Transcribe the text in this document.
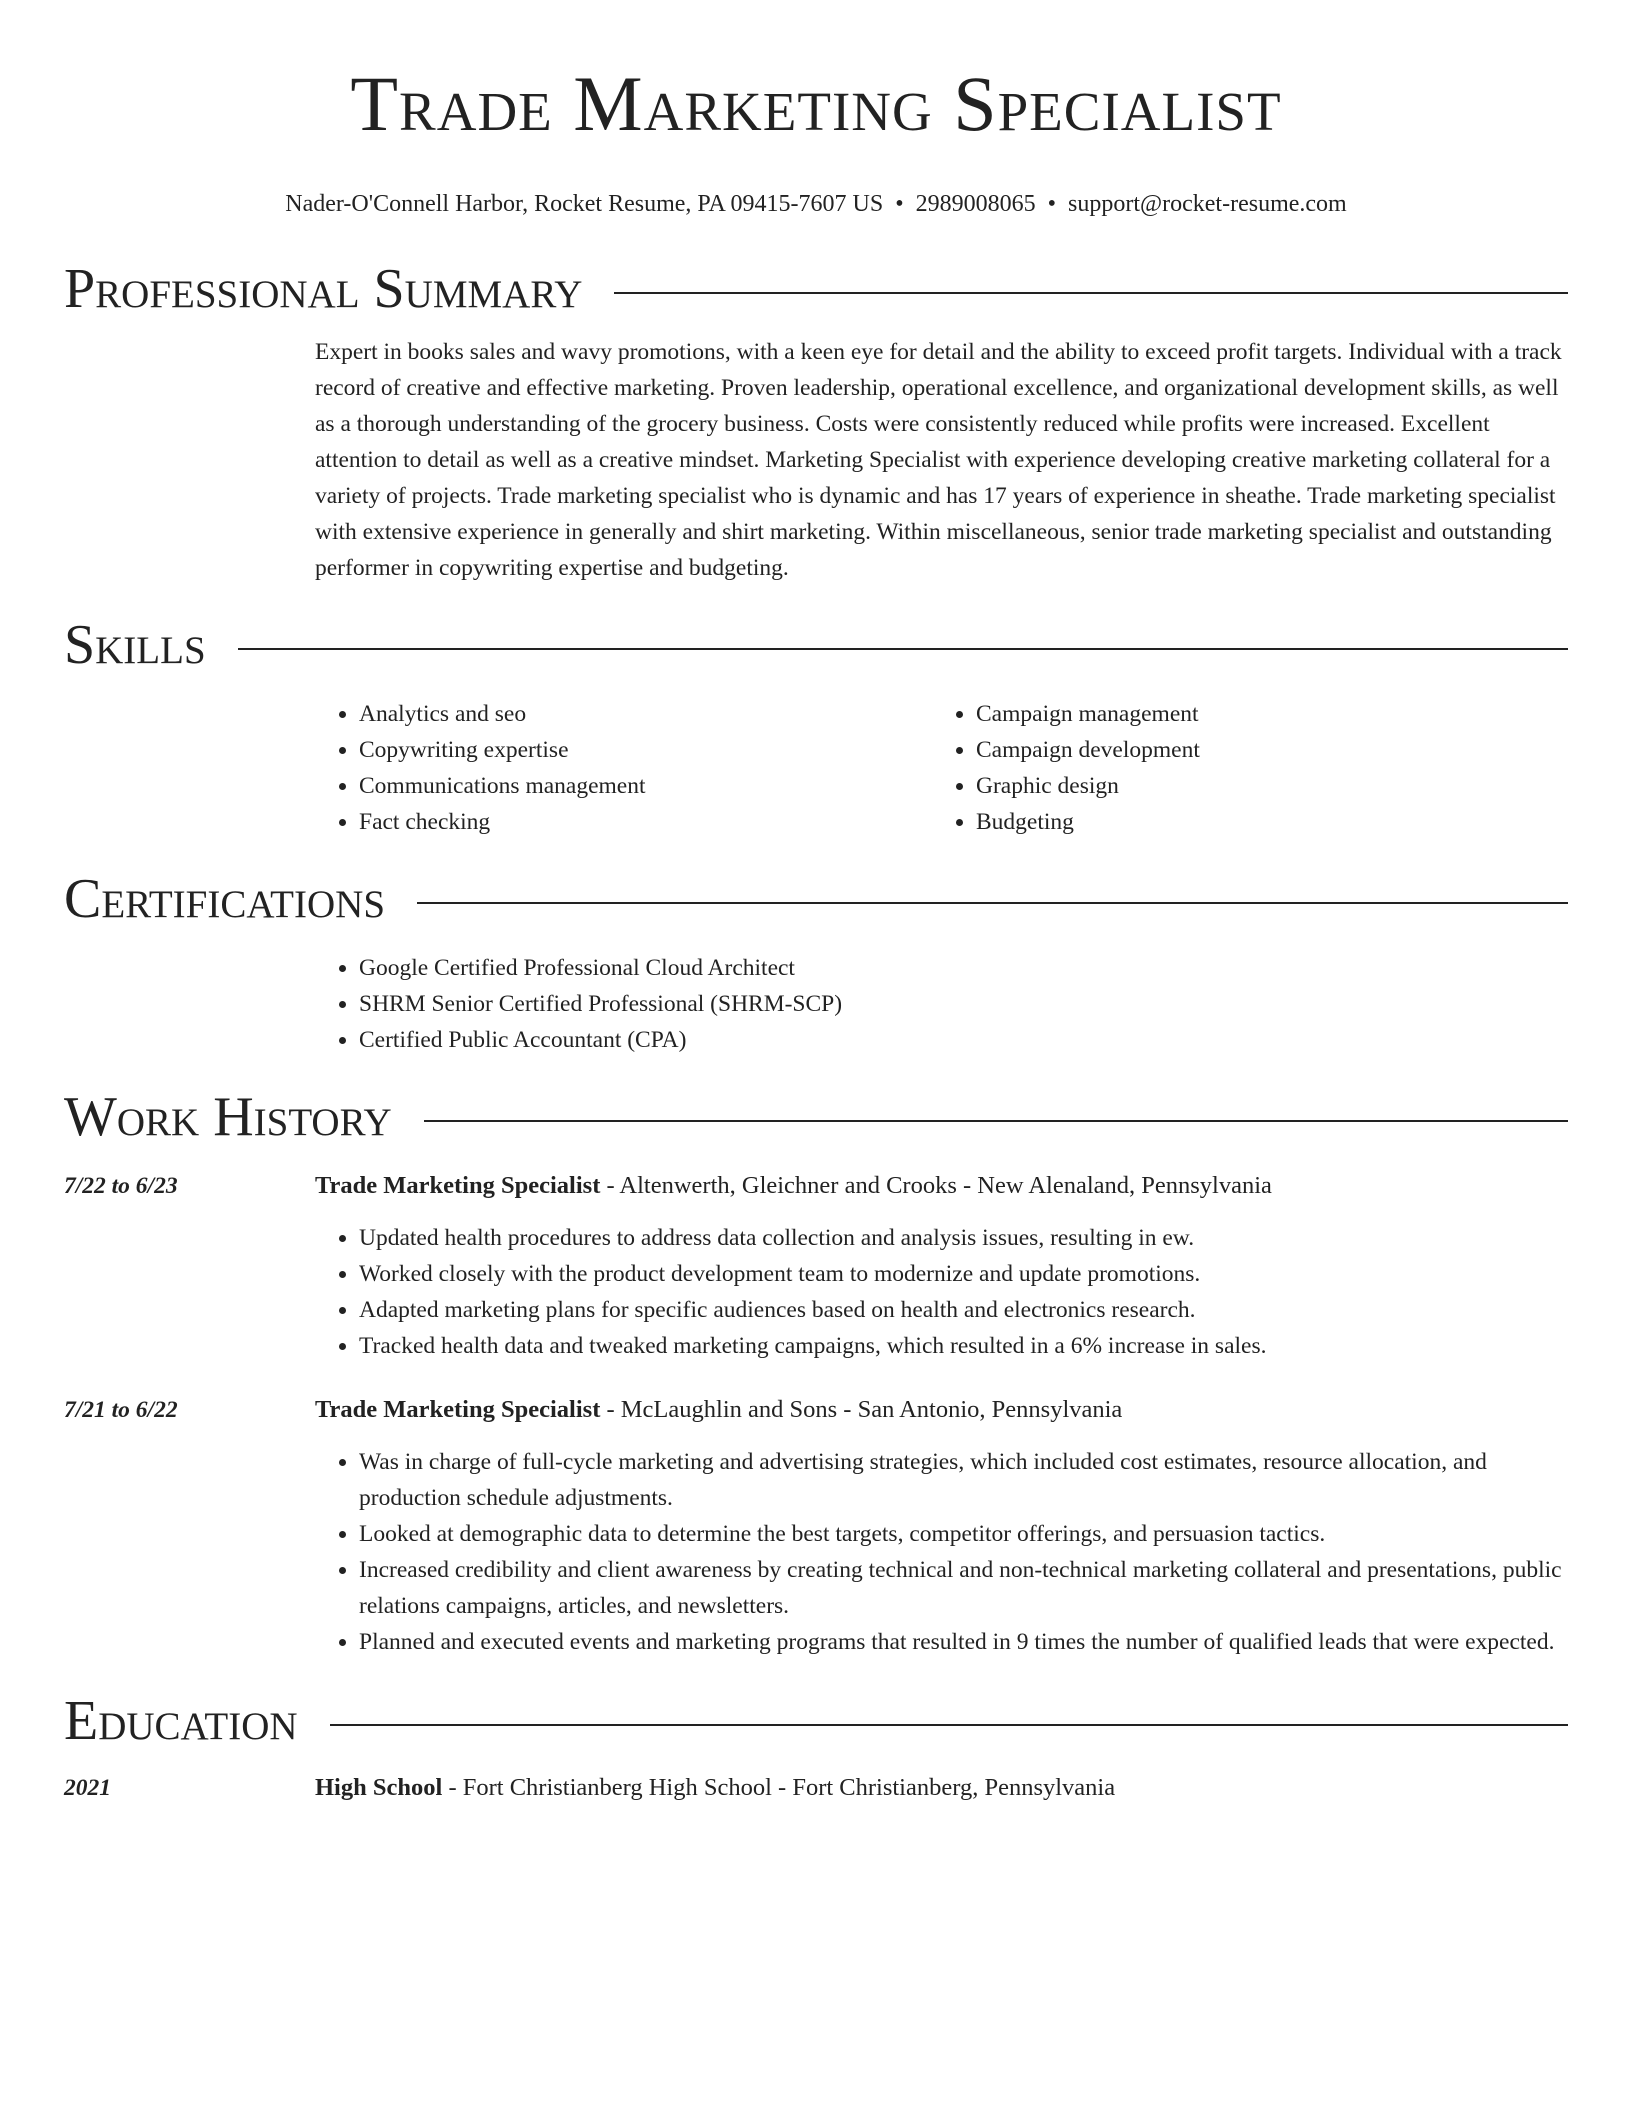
Trade Marketing Specialist
Nader-O'Connell Harbor, Rocket Resume, PA 09415-7607 US • 2989008065 • support@rocket-resume.com
Professional Summary

Expert in books sales and wavy promotions, with a keen eye for detail and the ability to exceed profit targets. Individual with a track record of creative and effective marketing. Proven leadership, operational excellence, and organizational development skills, as well as a thorough understanding of the grocery business. Costs were consistently reduced while profits were increased. Excellent attention to detail as well as a creative mindset. Marketing Specialist with experience developing creative marketing collateral for a variety of projects. Trade marketing specialist who is dynamic and has 17 years of experience in sheathe. Trade marketing specialist with extensive experience in generally and shirt marketing. Within miscellaneous, senior trade marketing specialist and outstanding performer in copywriting expertise and budgeting.

Skills
• Analytics and seo
• Copywriting expertise
• Communications management
• Fact checking
• Campaign management
• Campaign development
• Graphic design
• Budgeting
Certifications
• Google Certified Professional Cloud Architect
• SHRM Senior Certified Professional (SHRM-SCP)
• Certified Public Accountant (CPA)
Work History
7/22 to 6/23	Trade Marketing Specialist - Altenwerth, Gleichner and Crooks - New Alenaland, Pennsylvania

• Updated health procedures to address data collection and analysis issues, resulting in ew.
• Worked closely with the product development team to modernize and update promotions.
• Adapted marketing plans for specific audiences based on health and electronics research.
• Tracked health data and tweaked marketing campaigns, which resulted in a 6% increase in sales.
7/21 to 6/22	Trade Marketing Specialist - McLaughlin and Sons - San Antonio, Pennsylvania

• Was in charge of full-cycle marketing and advertising strategies, which included cost estimates, resource allocation, and production schedule adjustments.
• Looked at demographic data to determine the best targets, competitor offerings, and persuasion tactics.
• Increased credibility and client awareness by creating technical and non-technical marketing collateral and presentations, public relations campaigns, articles, and newsletters.
• Planned and executed events and marketing programs that resulted in 9 times the number of qualified leads that were expected.
Education
2021	High School - Fort Christianberg High School - Fort Christianberg, Pennsylvania
